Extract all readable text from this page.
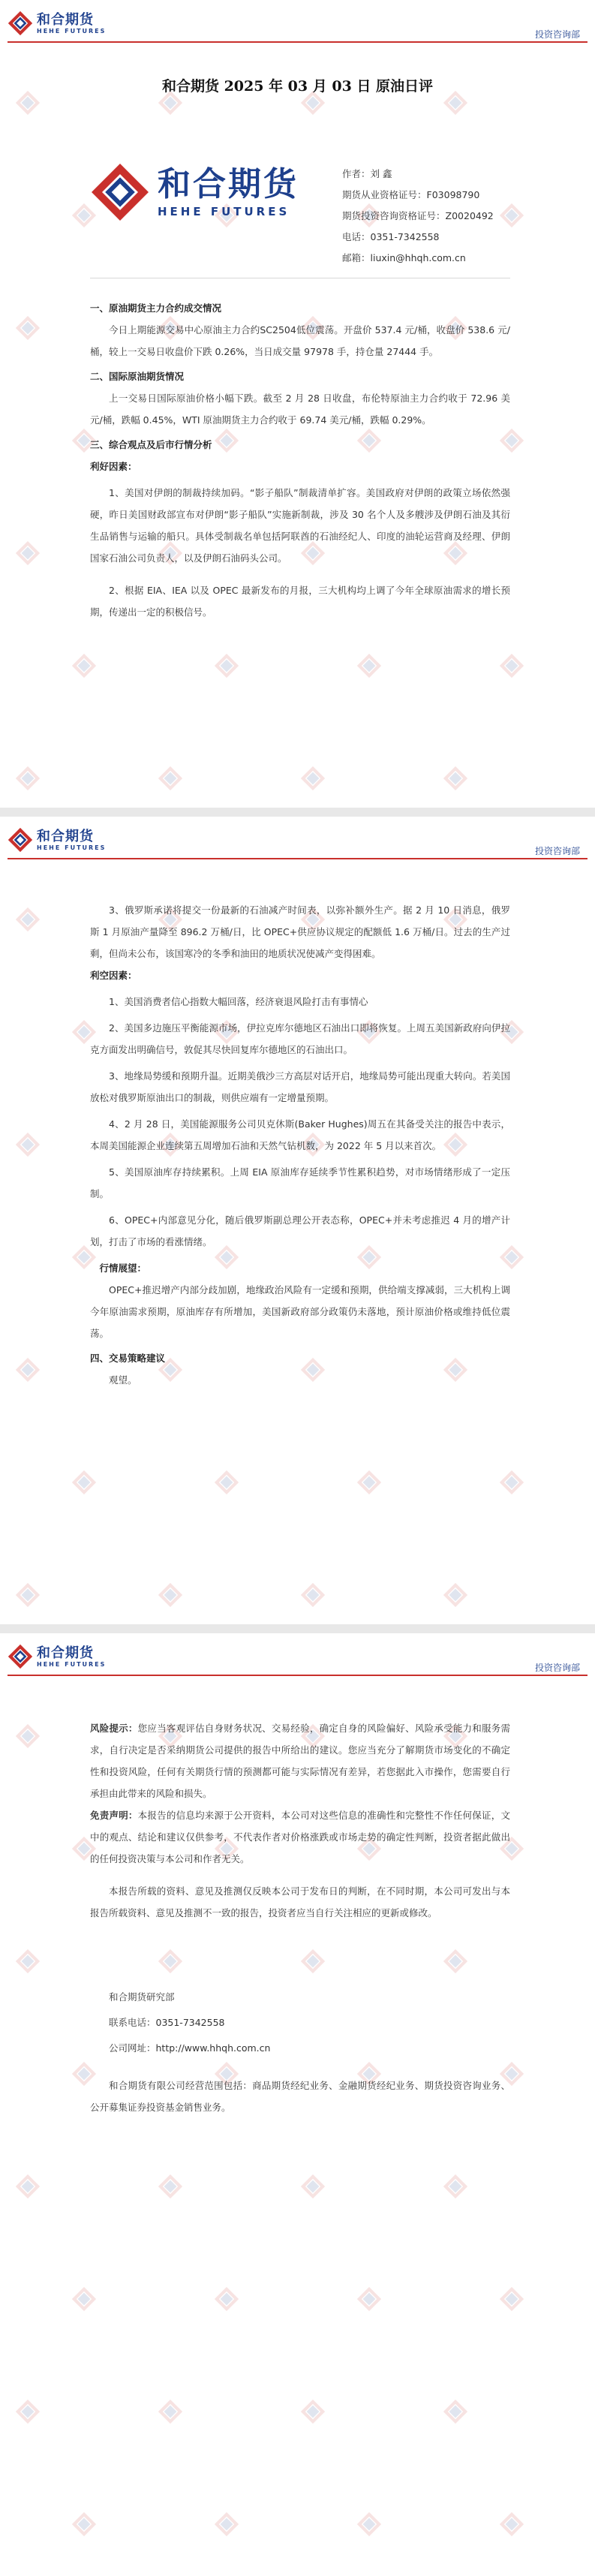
和合期货
HEHE FUTURES	投资咨询部
和合期货 2025 年 03 月 03 日 原油日评
和合期货
HEHE FUTURES
作者： 刘 鑫
期货从业资格证号： F03098790
期货投资咨询资格证号： Z0020492
电话： 0351-7342558
邮箱： liuxin@hhqh.com.cn
一、原油期货主力合约成交情况
今日上期能源交易中心原油主力合约SC2504低位震荡。开盘价 537.4 元/桶，收盘价 538.6 元/桶，较上一交易日收盘价下跌 0.26%，当日成交量 97978 手，持仓量 27444 手。
二、国际原油期货情况
上一交易日国际原油价格小幅下跌。截至 2 月 28 日收盘，布伦特原油主力合约收于 72.96 美元/桶，跌幅 0.45%，WTI 原油期货主力合约收于 69.74 美元/桶，跌幅 0.29%。
三、综合观点及后市行情分析
利好因素：
1、美国对伊朗的制裁持续加码。“影子船队”制裁清单扩容。美国政府对伊朗的政策立场依然强硬，昨日美国财政部宣布对伊朗“影子船队”实施新制裁，涉及 30 名个人及多艘涉及伊朗石油及其衍生品销售与运输的船只。具体受制裁名单包括阿联酋的石油经纪人、印度的油轮运营商及经理、伊朗国家石油公司负责人，以及伊朗石油码头公司。
2、根据 EIA、IEA 以及 OPEC 最新发布的月报，三大机构均上调了今年全球原油需求的增长预期，传递出一定的积极信号。
和合期货
HEHE FUTURES	投资咨询部
3、俄罗斯承诺将提交一份最新的石油减产时间表，以弥补额外生产。据 2 月 10 日消息，俄罗斯 1 月原油产量降至 896.2 万桶/日，比 OPEC+供应协议规定的配额低 1.6 万桶/日。过去的生产过剩，但尚未公布，该国寒冷的冬季和油田的地质状况使减产变得困难。
利空因素：
1、美国消费者信心指数大幅回落，经济衰退风险打击有事情心
2、美国多边施压平衡能源市场，伊拉克库尔德地区石油出口即将恢复。上周五美国新政府向伊拉克方面发出明确信号，敦促其尽快回复库尔德地区的石油出口。
3、地缘局势缓和预期升温。近期美俄沙三方高层对话开启，地缘局势可能出现重大转向。若美国放松对俄罗斯原油出口的制裁，则供应端有一定增量预期。
4、2 月 28 日，美国能源服务公司贝克休斯(Baker Hughes)周五在其备受关注的报告中表示，本周美国能源企业连续第五周增加石油和天然气钻机数，为 2022 年 5 月以来首次。
5、美国原油库存持续累积。上周 EIA 原油库存延续季节性累积趋势，对市场情绪形成了一定压制。
6、OPEC+内部意见分化，随后俄罗斯副总理公开表态称，OPEC+并未考虑推迟 4 月的增产计划，打击了市场的看涨情绪。
行情展望：
OPEC+推迟增产内部分歧加剧，地缘政治风险有一定缓和预期，供给端支撑减弱，三大机构上调今年原油需求预期，原油库存有所增加，美国新政府部分政策仍未落地，预计原油价格或维持低位震荡。
四、交易策略建议
观望。
和合期货
HEHE FUTURES	投资咨询部
风险提示：您应当客观评估自身财务状况、交易经验，确定自身的风险偏好、风险承受能力和服务需求，自行决定是否采纳期货公司提供的报告中所给出的建议。您应当充分了解期货市场变化的不确定性和投资风险，任何有关期货行情的预测都可能与实际情况有差异，若您据此入市操作，您需要自行承担由此带来的风险和损失。
免责声明：本报告的信息均来源于公开资料，本公司对这些信息的准确性和完整性不作任何保证，文中的观点、结论和建议仅供参考，不代表作者对价格涨跌或市场走势的确定性判断，投资者据此做出的任何投资决策与本公司和作者无关。
本报告所载的资料、意见及推测仅反映本公司于发布日的判断，在不同时期，本公司可发出与本报告所载资料、意见及推测不一致的报告，投资者应当自行关注相应的更新或修改。
和合期货研究部
联系电话：0351-7342558
公司网址：http://www.hhqh.com.cn
和合期货有限公司经营范围包括：商品期货经纪业务、金融期货经纪业务、期货投资咨询业务、公开募集证券投资基金销售业务。
